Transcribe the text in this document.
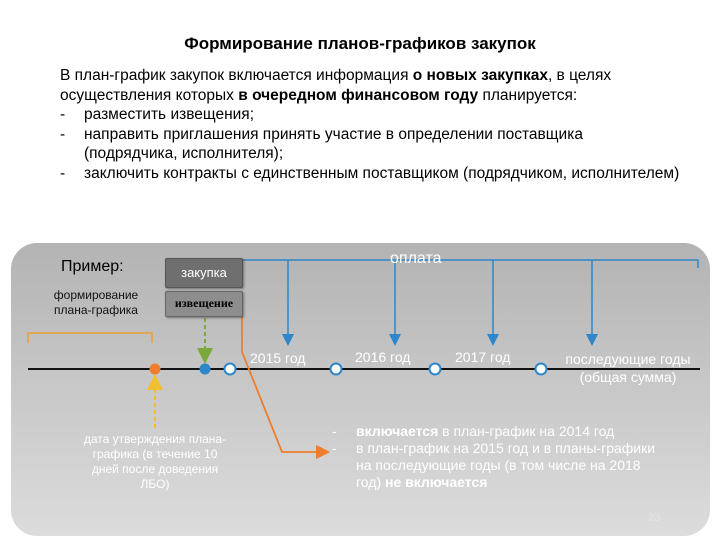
Формирование планов-графиков закупок

В план-график закупок включается информация о новых закупках, в целях осуществления которых в очередном финансовом году планируется:

-	разместить извещения;
-	направить приглашения принять участие в определении поставщика (подрядчика, исполнителя);
-	заключить контракты с единственным поставщиком (подрядчиком, исполнителем)
Пример:
формирование плана-графика
закупка
извещение
оплата
2015 год	2016 год	2017 год	последующие годы
(общая сумма)
дата утверждения плана-графика (в течение 10 дней после доведения ЛБО)
-	включается в план-график на 2014 год
-	в план-график на 2015 год и в планы-графики на последующие годы (в том числе на 2018 год) не включается
23
